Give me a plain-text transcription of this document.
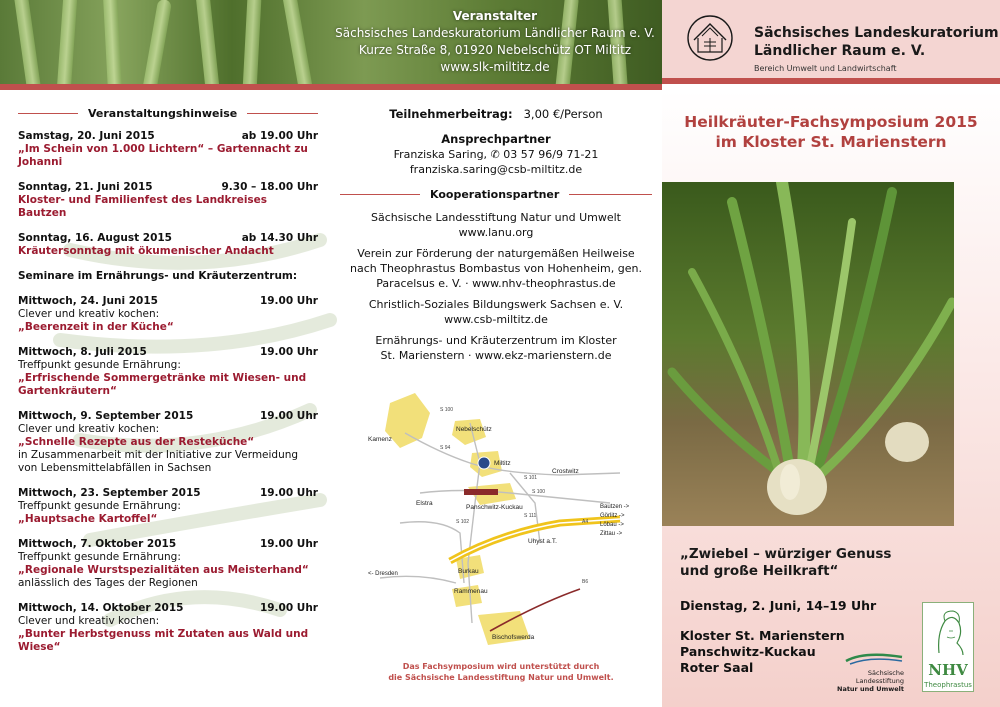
Veranstalter
Sächsisches Landeskuratorium Ländlicher Raum e. V.
Kurze Straße 8, 01920 Nebelschütz OT Miltitz
www.slk-miltitz.de
Sächsisches Landeskuratorium
Ländlicher Raum e. V.
Bereich Umwelt und Landwirtschaft
Veranstaltungshinweise
Samstag, 20. Juni 2015	ab 19.00 Uhr
„Im Schein von 1.000 Lichtern“ – Gartennacht zu Johanni
Sonntag, 21. Juni 2015	9.30 – 18.00 Uhr
Kloster- und Familienfest des Landkreises Bautzen
Sonntag, 16. August 2015	ab 14.30 Uhr
Kräutersonntag mit ökumenischer Andacht
Seminare im Ernährungs- und Kräuterzentrum:
Mittwoch, 24. Juni 2015	19.00 Uhr
Clever und kreativ kochen:
„Beerenzeit in der Küche“
Mittwoch, 8. Juli 2015	19.00 Uhr
Treffpunkt gesunde Ernährung:
„Erfrischende Sommergetränke mit Wiesen- und Gartenkräutern“
Mittwoch, 9. September 2015	19.00 Uhr
Clever und kreativ kochen:
„Schnelle Rezepte aus der Resteküche“
in Zusammenarbeit mit der Initiative zur Vermeidung von Lebensmittelabfällen in Sachsen
Mittwoch, 23. September 2015	19.00 Uhr
Treffpunkt gesunde Ernährung:
„Hauptsache Kartoffel“
Mittwoch, 7. Oktober 2015	19.00 Uhr
Treffpunkt gesunde Ernährung:
„Regionale Wurstspezialitäten aus Meisterhand“
anlässlich des Tages der Regionen
Mittwoch, 14. Oktober 2015	19.00 Uhr
Clever und kreativ kochen:
„Bunter Herbstgenuss mit Zutaten aus Wald und Wiese“
Teilnehmerbeitrag: 3,00 €/Person
Ansprechpartner
Franziska Saring, ✆ 03 57 96/9 71-21
franziska.saring@csb-miltitz.de
Kooperationspartner
Sächsische Landesstiftung Natur und Umwelt
www.lanu.org
Verein zur Förderung der naturgemäßen Heilweise
nach Theophrastus Bombastus von Hohenheim, gen.
Paracelsus e. V. · www.nhv-theophrastus.de
Christlich-Soziales Bildungswerk Sachsen e. V.
www.csb-miltitz.de
Ernährungs- und Kräuterzentrum im Kloster
St. Marienstern · www.ekz-marienstern.de
Kamenz
Nebelschütz
Miltitz
Crostwitz
Elstra
Panschwitz-Kuckau
Uhyst a.T.
Burkau
Rammenau
Bischofswerda
S 100
S 94
S 101
S 100
S 102	A4
S 111
B6
Bautzen ->
Görlitz ->
Löbau ->
Zittau ->
<- Dresden
Das Fachsymposium wird unterstützt durch
die Sächsische Landesstiftung Natur und Umwelt.
Heilkräuter-Fachsymposium 2015
im Kloster St. Marienstern
„Zwiebel – würziger Genuss
und große Heilkraft“
Dienstag, 2. Juni, 14–19 Uhr
Kloster St. Marienstern
Panschwitz-Kuckau
Roter Saal	Sächsische Landesstiftung
Natur und Umwelt
NHV
Theophrastus
